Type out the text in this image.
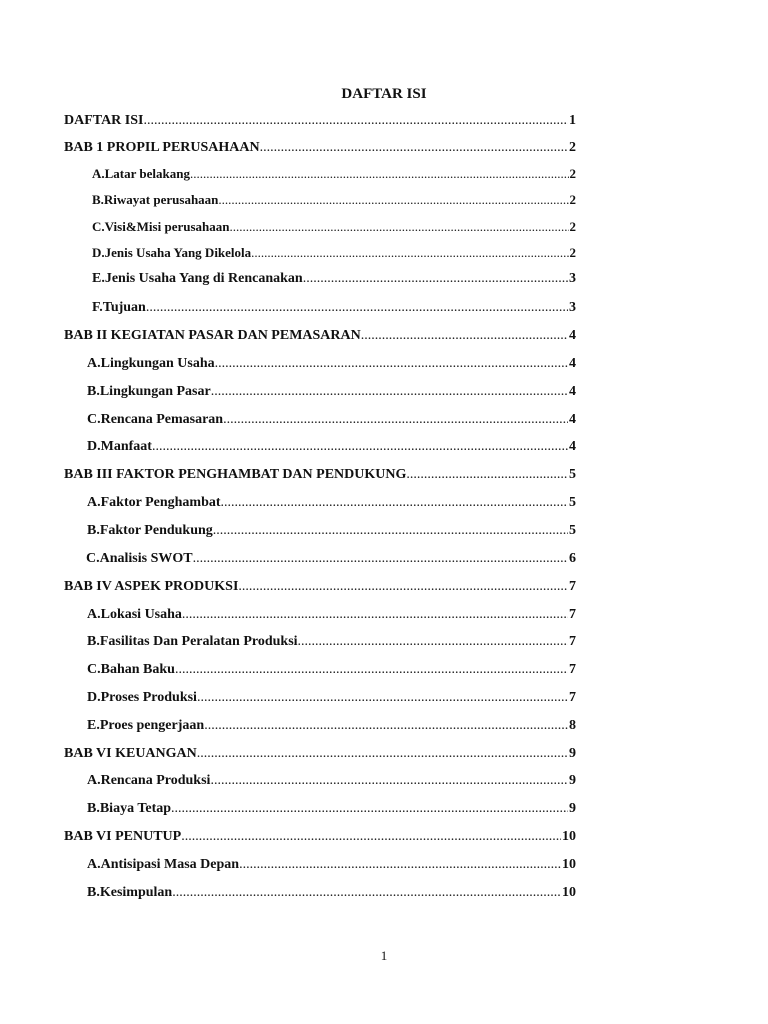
DAFTAR ISI
DAFTAR ISI .....	1
BAB 1 PROPIL PERUSAHAAN .....	2
A.Latar belakang .....	2
B.Riwayat perusahaan .....	2
C.Visi&Misi perusahaan .....	2
D.Jenis Usaha Yang Dikelola .....	2
E.Jenis Usaha Yang di Rencanakan .....	3
F.Tujuan .....	3
BAB II KEGIATAN PASAR DAN PEMASARAN .....	4
A.Lingkungan Usaha .....	4
B.Lingkungan Pasar .....	4
C.Rencana Pemasaran .....	4
D.Manfaat .....	4
BAB III FAKTOR PENGHAMBAT DAN PENDUKUNG .....	5
A.Faktor Penghambat .....	5
B.Faktor Pendukung .....	5
C.Analisis SWOT .....	6
BAB IV ASPEK PRODUKSI .....	7
A.Lokasi Usaha .....	7
B.Fasilitas Dan Peralatan Produksi .....	7
C.Bahan Baku .....	7
D.Proses Produksi .....	7
E.Proes pengerjaan .....	8
BAB VI KEUANGAN .....	9
A.Rencana Produksi .....	9
B.Biaya Tetap .....	9
BAB VI PENUTUP .....	10
A.Antisipasi Masa Depan .....	10
B.Kesimpulan .....	10
1
